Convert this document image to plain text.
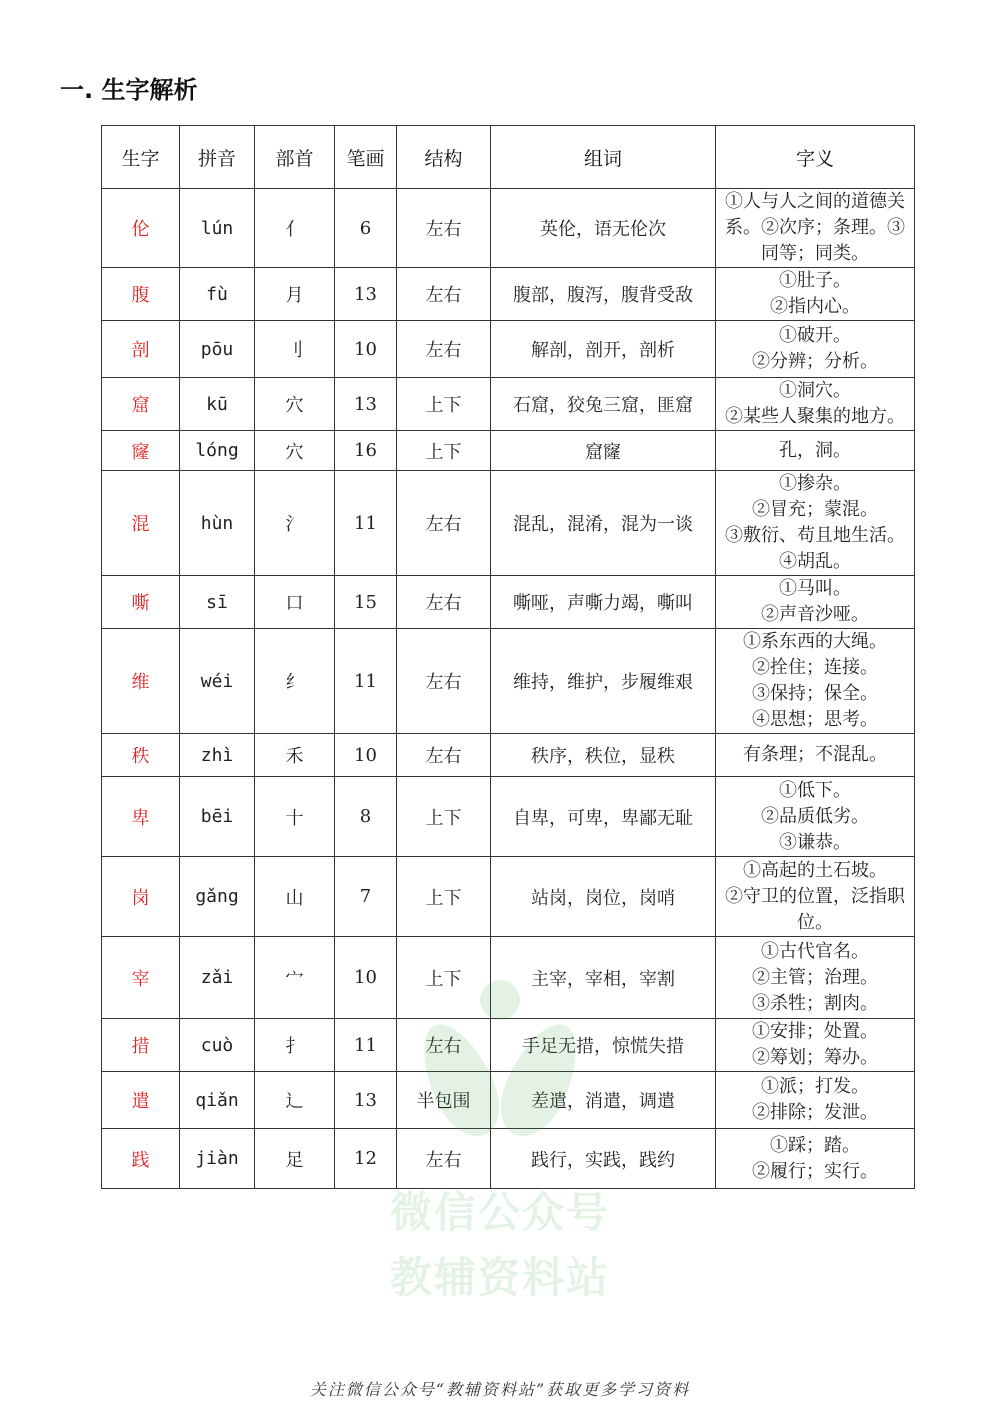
一. 生字解析
生字	拼音	部首	笔画	结构	组词	字义
伦	lún	亻	6	左右	英伦，语无伦次	①人与人之间的道德关系。②次序；条理。③同等；同类。

腹	fù	月	13	左右	腹部，腹泻，腹背受敌	①肚子。
②指内心。

剖	pōu	刂	10	左右	解剖，剖开，剖析	①破开。
②分辨；分析。

窟	kū	穴	13	上下	石窟，狡兔三窟，匪窟	①洞穴。
②某些人聚集的地方。

窿	lóng	穴	16	上下	窟窿	孔，洞。

混	hùn	氵	11	左右	混乱，混淆，混为一谈	①掺杂。
②冒充；蒙混。
③敷衍、苟且地生活。
④胡乱。

嘶	sī	口	15	左右	嘶哑，声嘶力竭，嘶叫	①马叫。
②声音沙哑。

维	wéi	纟	11	左右	维持，维护，步履维艰	①系东西的大绳。
②拴住；连接。
③保持；保全。
④思想；思考。

秩	zhì	禾	10	左右	秩序，秩位，显秩	有条理；不混乱。

卑	bēi	十	8	上下	自卑，可卑，卑鄙无耻	①低下。
②品质低劣。
③谦恭。

岗	gǎng	山	7	上下	站岗，岗位，岗哨	①高起的土石坡。
②守卫的位置，泛指职位。

宰	zǎi	宀	10	上下	主宰，宰相，宰割	①古代官名。
②主管；治理。
③杀牲；割肉。

措	cuò	扌	11	左右	手足无措，惊慌失措	①安排；处置。
②筹划；筹办。

遣	qiǎn	辶	13	半包围	差遣，消遣，调遣	①派；打发。
②排除；发泄。

践	jiàn	足	12	左右	践行，实践，践约	①踩；踏。
②履行；实行。
微信公众号
教辅资料站
关注微信公众号“教辅资料站”获取更多学习资料
